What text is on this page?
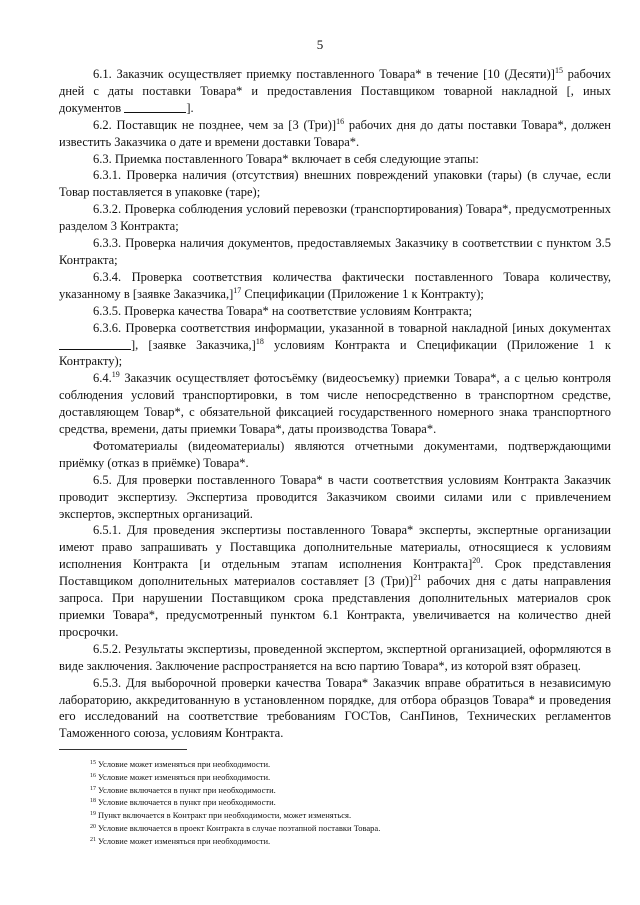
5

6.1. Заказчик осуществляет приемку поставленного Товара* в течение [10 (Десяти)]$^{15}$ рабочих дней с даты поставки Товара* и предоставления Поставщиком товарной накладной [, иных документов	].

6.2. Поставщик не позднее, чем за [3 (Три)]$^{16}$ рабочих дня до даты поставки Товара*, должен известить Заказчика о дате и времени доставки Товара*.

6.3. Приемка поставленного Товара* включает в себя следующие этапы:

6.3.1. Проверка наличия (отсутствия) внешних повреждений упаковки (тары) (в случае, если Товар поставляется в упаковке (таре);

6.3.2. Проверка соблюдения условий перевозки (транспортирования) Товара*, предусмотренных разделом 3 Контракта;

6.3.3. Проверка наличия документов, предоставляемых Заказчику в соответствии с пунктом 3.5 Контракта;

6.3.4. Проверка соответствия количества фактически поставленного Товара количеству, указанному в [заявке Заказчика,]$^{17}$ Спецификации (Приложение 1 к Контракту);

6.3.5. Проверка качества Товара* на соответствие условиям Контракта;

6.3.6. Проверка соответствия информации, указанной в товарной накладной [иных документах ], [заявке Заказчика,]$^{18}$ условиям Контракта и Спецификации (Приложение 1 к Контракту);

6.4.19 Заказчик осуществляет фотосъёмку (видеосъемку) приемки Товара*, а с целью контроля соблюдения условий транспортировки, в том числе непосредственно в транспортном средстве, доставляющем Товар*, с обязательной фиксацией государственного номерного знака транспортного средства, времени, даты приемки Товара*, даты производства Товара*.

Фотоматериалы (видеоматериалы) являются отчетными документами, подтверждающими приёмку (отказ в приёмке) Товара*.

6.5. Для проверки поставленного Товара* в части соответствия условиям Контракта Заказчик проводит экспертизу. Экспертиза проводится Заказчиком своими силами или с привлечением экспертов, экспертных организаций.

6.5.1. Для проведения экспертизы поставленного Товара* эксперты, экспертные организации имеют право запрашивать у Поставщика дополнительные материалы, относящиеся к условиям исполнения Контракта [и отдельным этапам исполнения Контракта]$^{20}$. Срок представления Поставщиком дополнительных материалов составляет [3 (Три)]$^{21}$ рабочих дня с даты направления запроса. При нарушении Поставщиком срока представления дополнительных материалов срок приемки Товара*, предусмотренный пунктом 6.1 Контракта, увеличивается на количество дней просрочки.

6.5.2. Результаты экспертизы, проведенной экспертом, экспертной организацией, оформляются в виде заключения. Заключение распространяется на всю партию Товара*, из которой взят образец.

6.5.3. Для выборочной проверки качества Товара* Заказчик вправе обратиться в независимую лабораторию, аккредитованную в установленном порядке, для отбора образцов Товара* и проведения его исследований на соответствие требованиям ГОСТов, СанПинов, Технических регламентов Таможенного союза, условиям Контракта.

$^{15}$ Условие может изменяться при необходимости.
$^{16}$ Условие может изменяться при необходимости.
$^{17}$ Условие включается в пункт при необходимости.
$^{18}$ Условие включается в пункт при необходимости.
$^{19}$ Пункт включается в Контракт при необходимости, может изменяться.
$^{20}$ Условие включается в проект Контракта в случае поэтапной поставки Товара.
$^{21}$ Условие может изменяться при необходимости.
